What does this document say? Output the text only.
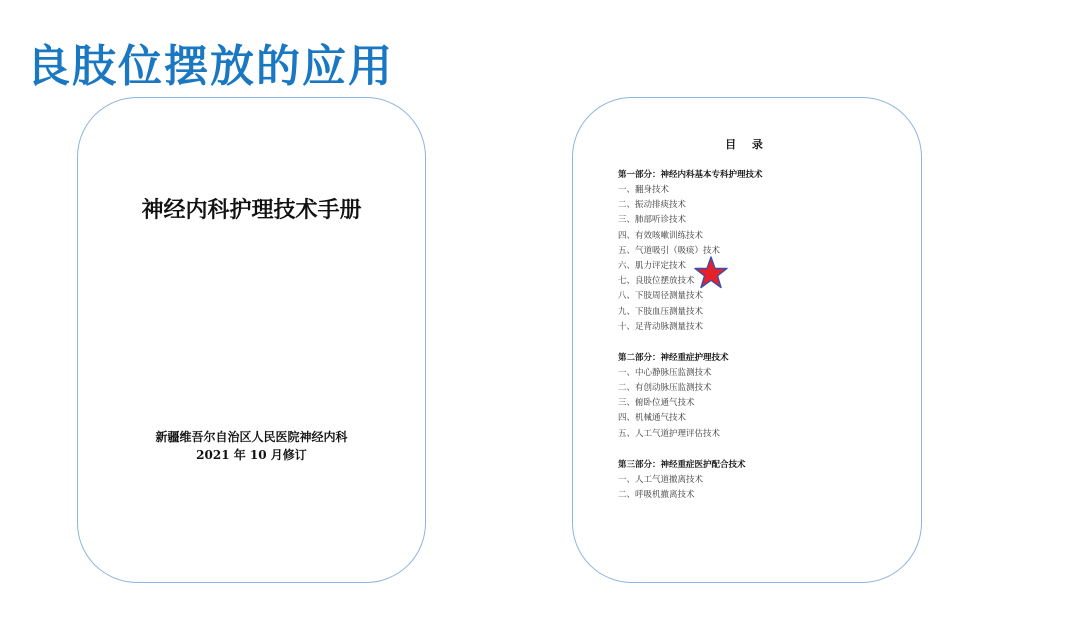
良肢位摆放的应用
神经内科护理技术手册
新疆维吾尔自治区人民医院神经内科
2021 年 10 月修订
目 录
第一部分：神经内科基本专科护理技术
一、翻身技术
二、振动排痰技术
三、肺部听诊技术
四、有效咳嗽训练技术
五、气道吸引（吸痰）技术
六、肌力评定技术
七、良肢位摆放技术
八、下肢周径测量技术
九、下肢血压测量技术
十、足背动脉测量技术
第二部分：神经重症护理技术
一、中心静脉压监测技术
二、有创动脉压监测技术
三、俯卧位通气技术
四、机械通气技术
五、人工气道护理评估技术
第三部分：神经重症医护配合技术
一、人工气道撤离技术
二、呼吸机撤离技术
